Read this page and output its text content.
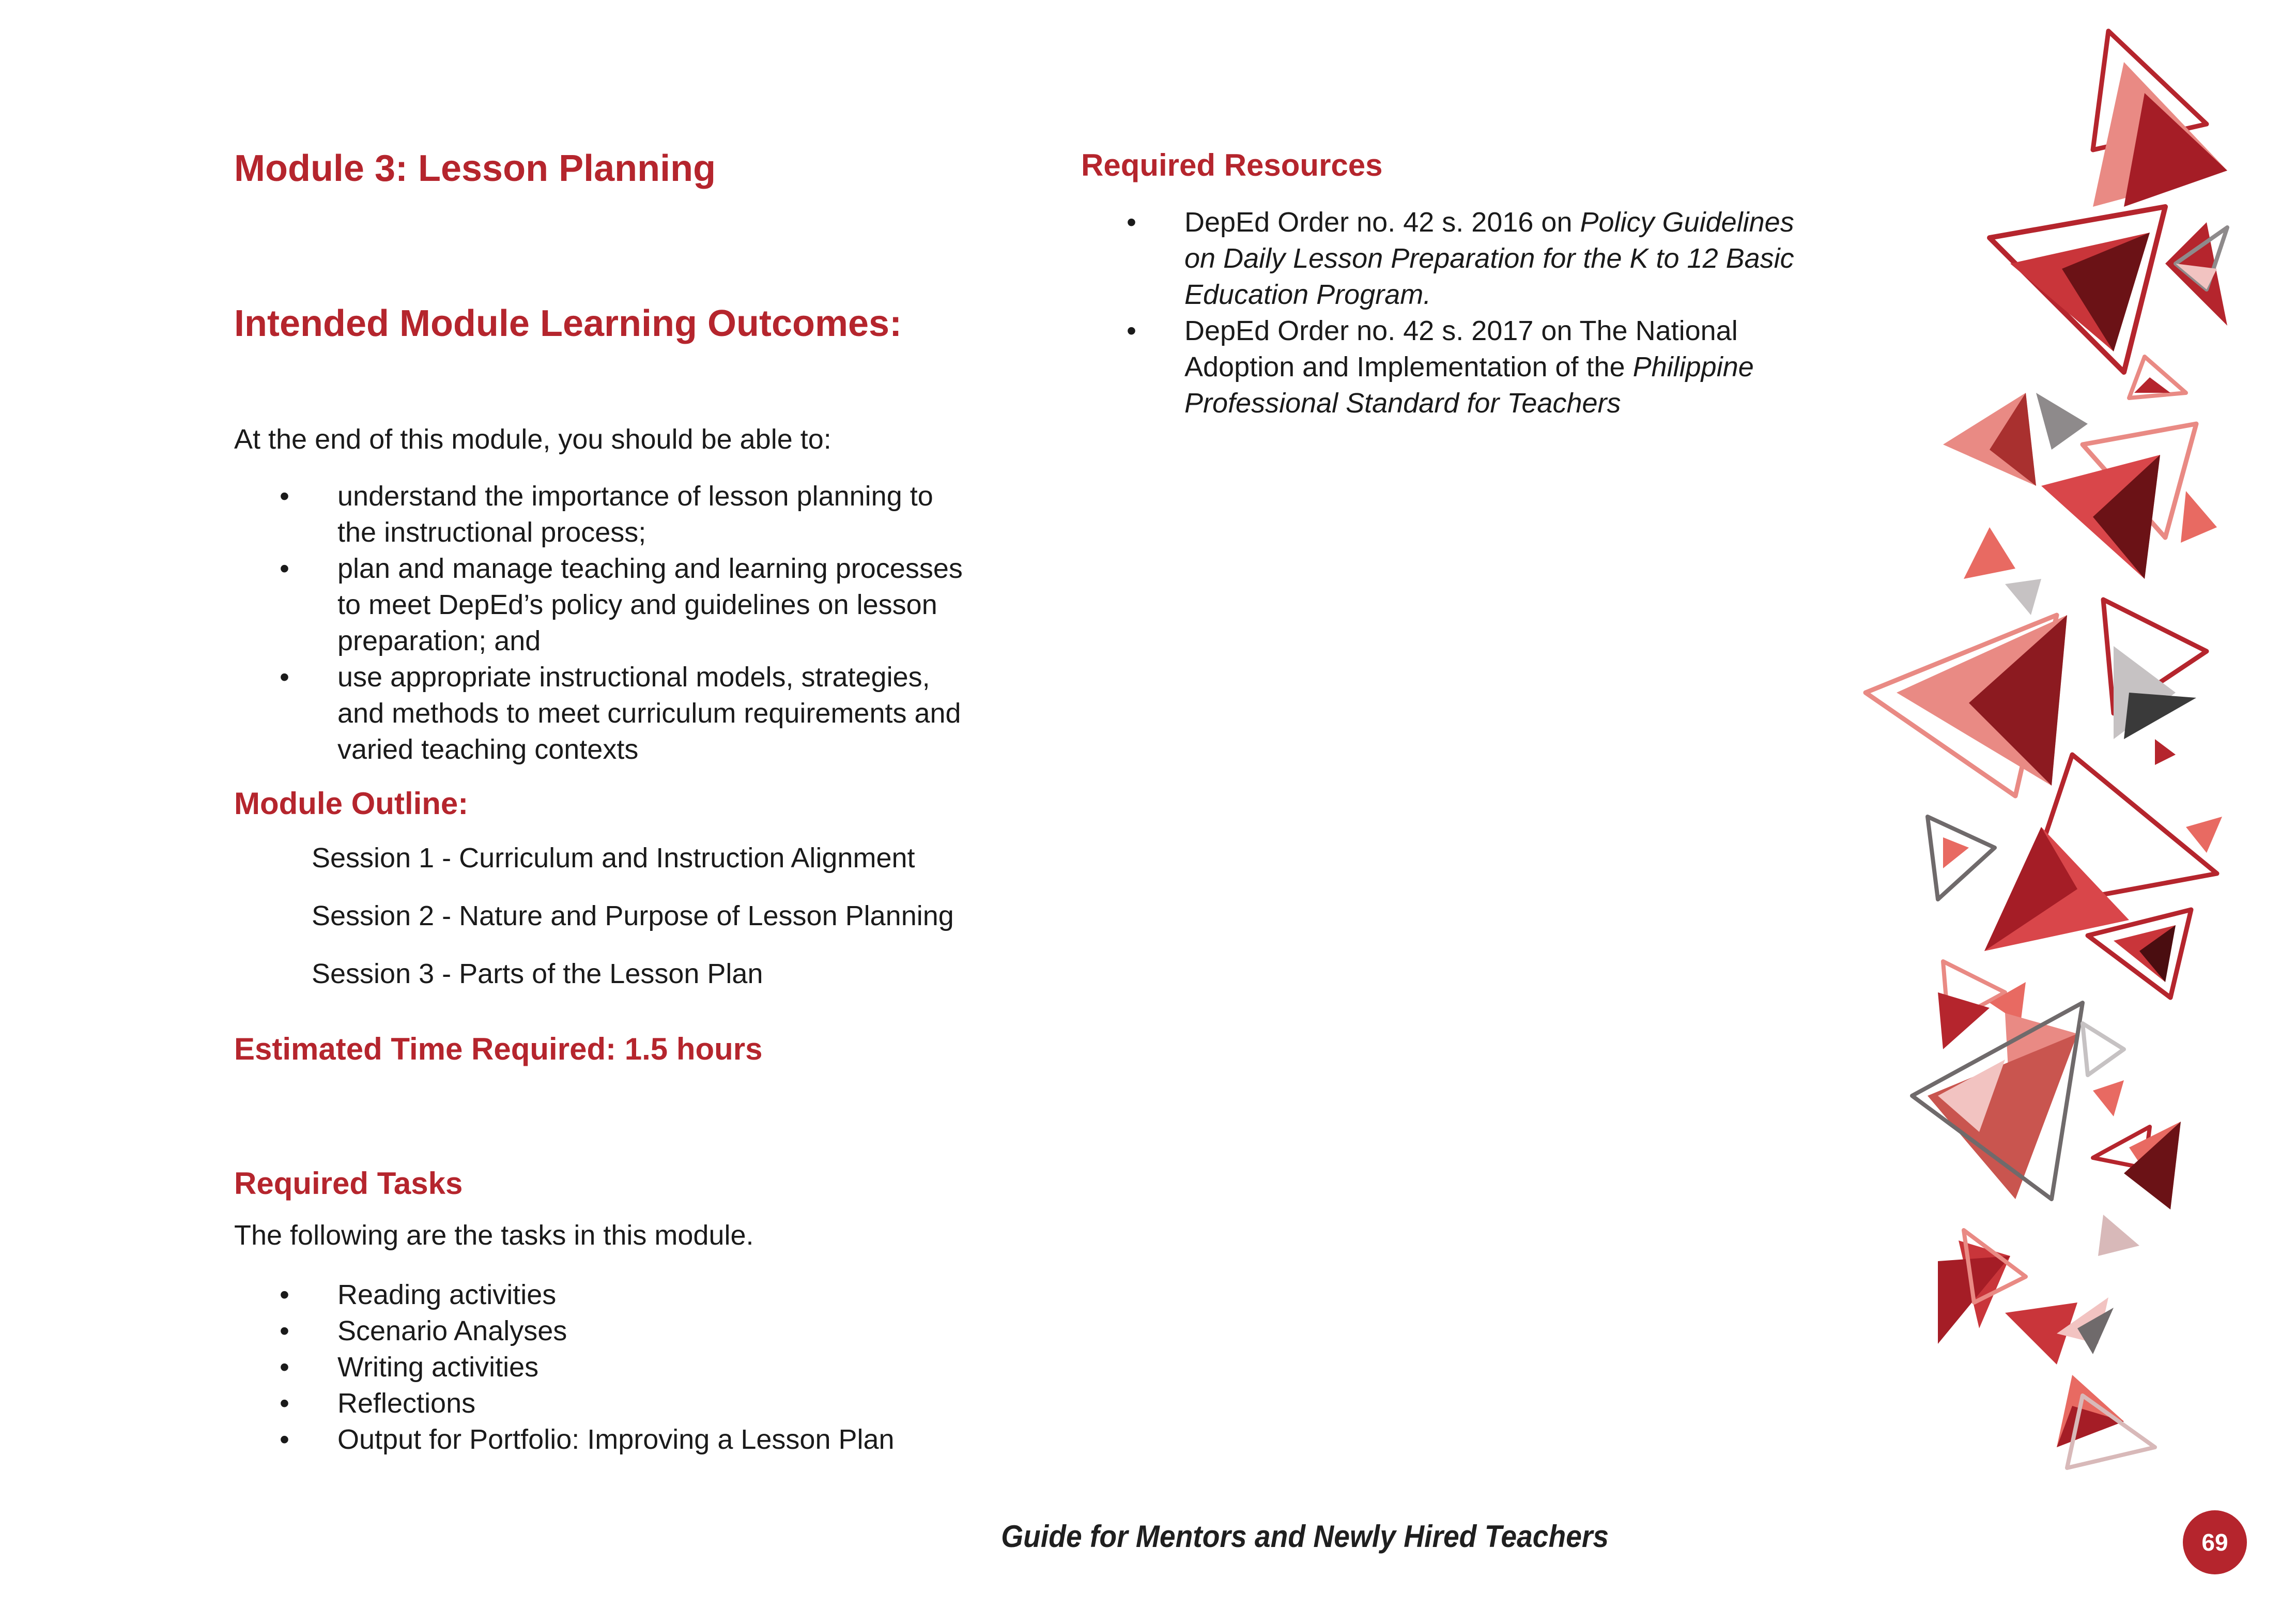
Module 3: Lesson Planning
Intended Module Learning Outcomes:

At the end of this module, you should be able to:

• understand the importance of lesson planning to
the instructional process;
• plan and manage teaching and learning processes
to meet DepEd’s policy and guidelines on lesson
preparation; and
• use appropriate instructional models, strategies,
and methods to meet curriculum requirements and
varied teaching contexts
Module Outline:

Session 1 - Curriculum and Instruction Alignment

Session 2 - Nature and Purpose of Lesson Planning

Session 3 - Parts of the Lesson Plan

Estimated Time Required: 1.5 hours
Required Tasks

The following are the tasks in this module.

• Reading activities
• Scenario Analyses
• Writing activities
• Reflections
• Output for Portfolio: Improving a Lesson Plan
Required Resources
• DepEd Order no. 42 s. 2016 on Policy Guidelines
on Daily Lesson Preparation for the K to 12 Basic
Education Program.
• DepEd Order no. 42 s. 2017 on The National
Adoption and Implementation of the Philippine
Professional Standard for Teachers
Guide for Mentors and Newly Hired Teachers	69
